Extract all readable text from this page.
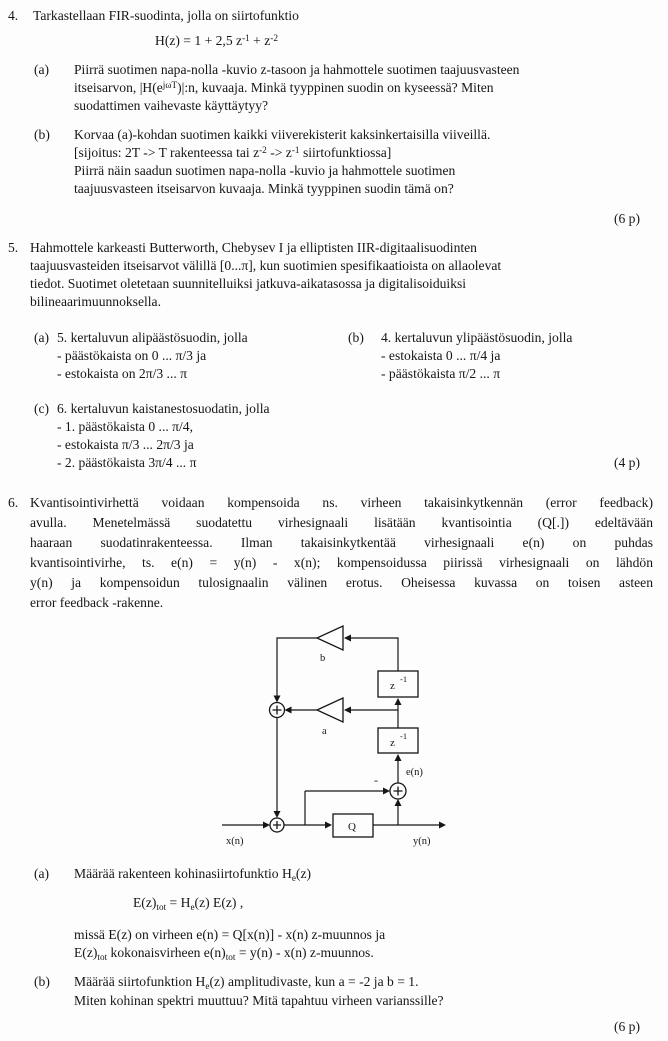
4. Tarkastellaan FIR-suodinta, jolla on siirtofunktio
H(z) = 1 + 2,5 $z^{-1} + z^{-2}$
(a) Piirrä suotimen napa-nolla -kuvio z-tasoon ja hahmottele suotimen taajuusvasteen
itseisarvon, $|H(e^{j\omega T})|:n$, kuvaaja. Minkä tyyppinen suodin on kyseessä? Miten
suodattimen vaihevaste käyttäytyy?
(b) Korvaa (a)-kohdan suotimen kaikki viiverekisterit kaksinkertaisilla viiveillä.
[sijoitus: 2T -> T rakenteessa tai $z^{-2} -> z^{-1}$ siirtofunktiossa]
Piirrä näin saadun suotimen napa-nolla -kuvio ja hahmottele suotimen
taajuusvasteen itseisarvon kuvaaja. Minkä tyyppinen suodin tämä on?
(6 p)
5. Hahmottele karkeasti Butterworth, Chebysev I ja elliptisten IIR-digitaalisuodinten
taajuusvasteiden itseisarvot välillä [0...π], kun suotimien spesifikaatioista on allaolevat
tiedot. Suotimet oletetaan suunnitelluiksi jatkuva-aikatasossa ja digitalisoiduiksi
bilineaarimuunnoksella.
(a) 5. kertaluvun alipäästösuodin, jolla
- päästökaista on 0 ... π/3 ja
- estokaista on 2π/3 ... π
(b) 4. kertaluvun ylipäästösuodin, jolla
- estokaista 0 ... π/4 ja
- päästökaista π/2 ... π
(c) 6. kertaluvun kaistanestosuodatin, jolla
- 1. päästökaista 0 ... π/4,
- estokaista π/3 ... 2π/3 ja
- 2. päästökaista 3π/4 ... π	(4 p)
6. Kvantisointivirhettä voidaan kompensoida ns. virheen takaisinkytkennän (error feedback)
avulla. Menetelmässä suodatettu virhesignaali lisätään kvantisointia (Q[.]) edeltävään
haaraan suodatinrakenteessa. Ilman takaisinkytkentää virhesignaali e(n) on puhdas
kvantisointivirhe, ts. e(n) = y(n) - x(n); kompensoidussa piirissä virhesignaali on lähdön
y(n) ja kompensoidun tulosignaalin välinen erotus. Oheisessa kuvassa on toisen asteen
error feedback -rakenne.
b
a
z
-1
z
-1
Q
-
x(n)	y(n)
e(n)
(a) Määrää rakenteen kohinasiirtofunktio $H_e(z)$
$E(z)_{tot} = H_e(z)$ E(z) ,
missä E(z) on virheen e(n) = Q[x(n)] - x(n) z-muunnos ja
$E(z)_{tot}$ kokonaisvirheen $e(n)_{tot} = y(n) - x(n)$ z-muunnos.
(b) Määrää siirtofunktion $H_e(z)$ amplitudivaste, kun a = -2 ja b = 1.
Miten kohinan spektri muuttuu? Mitä tapahtuu virheen varianssille?
(6 p)
